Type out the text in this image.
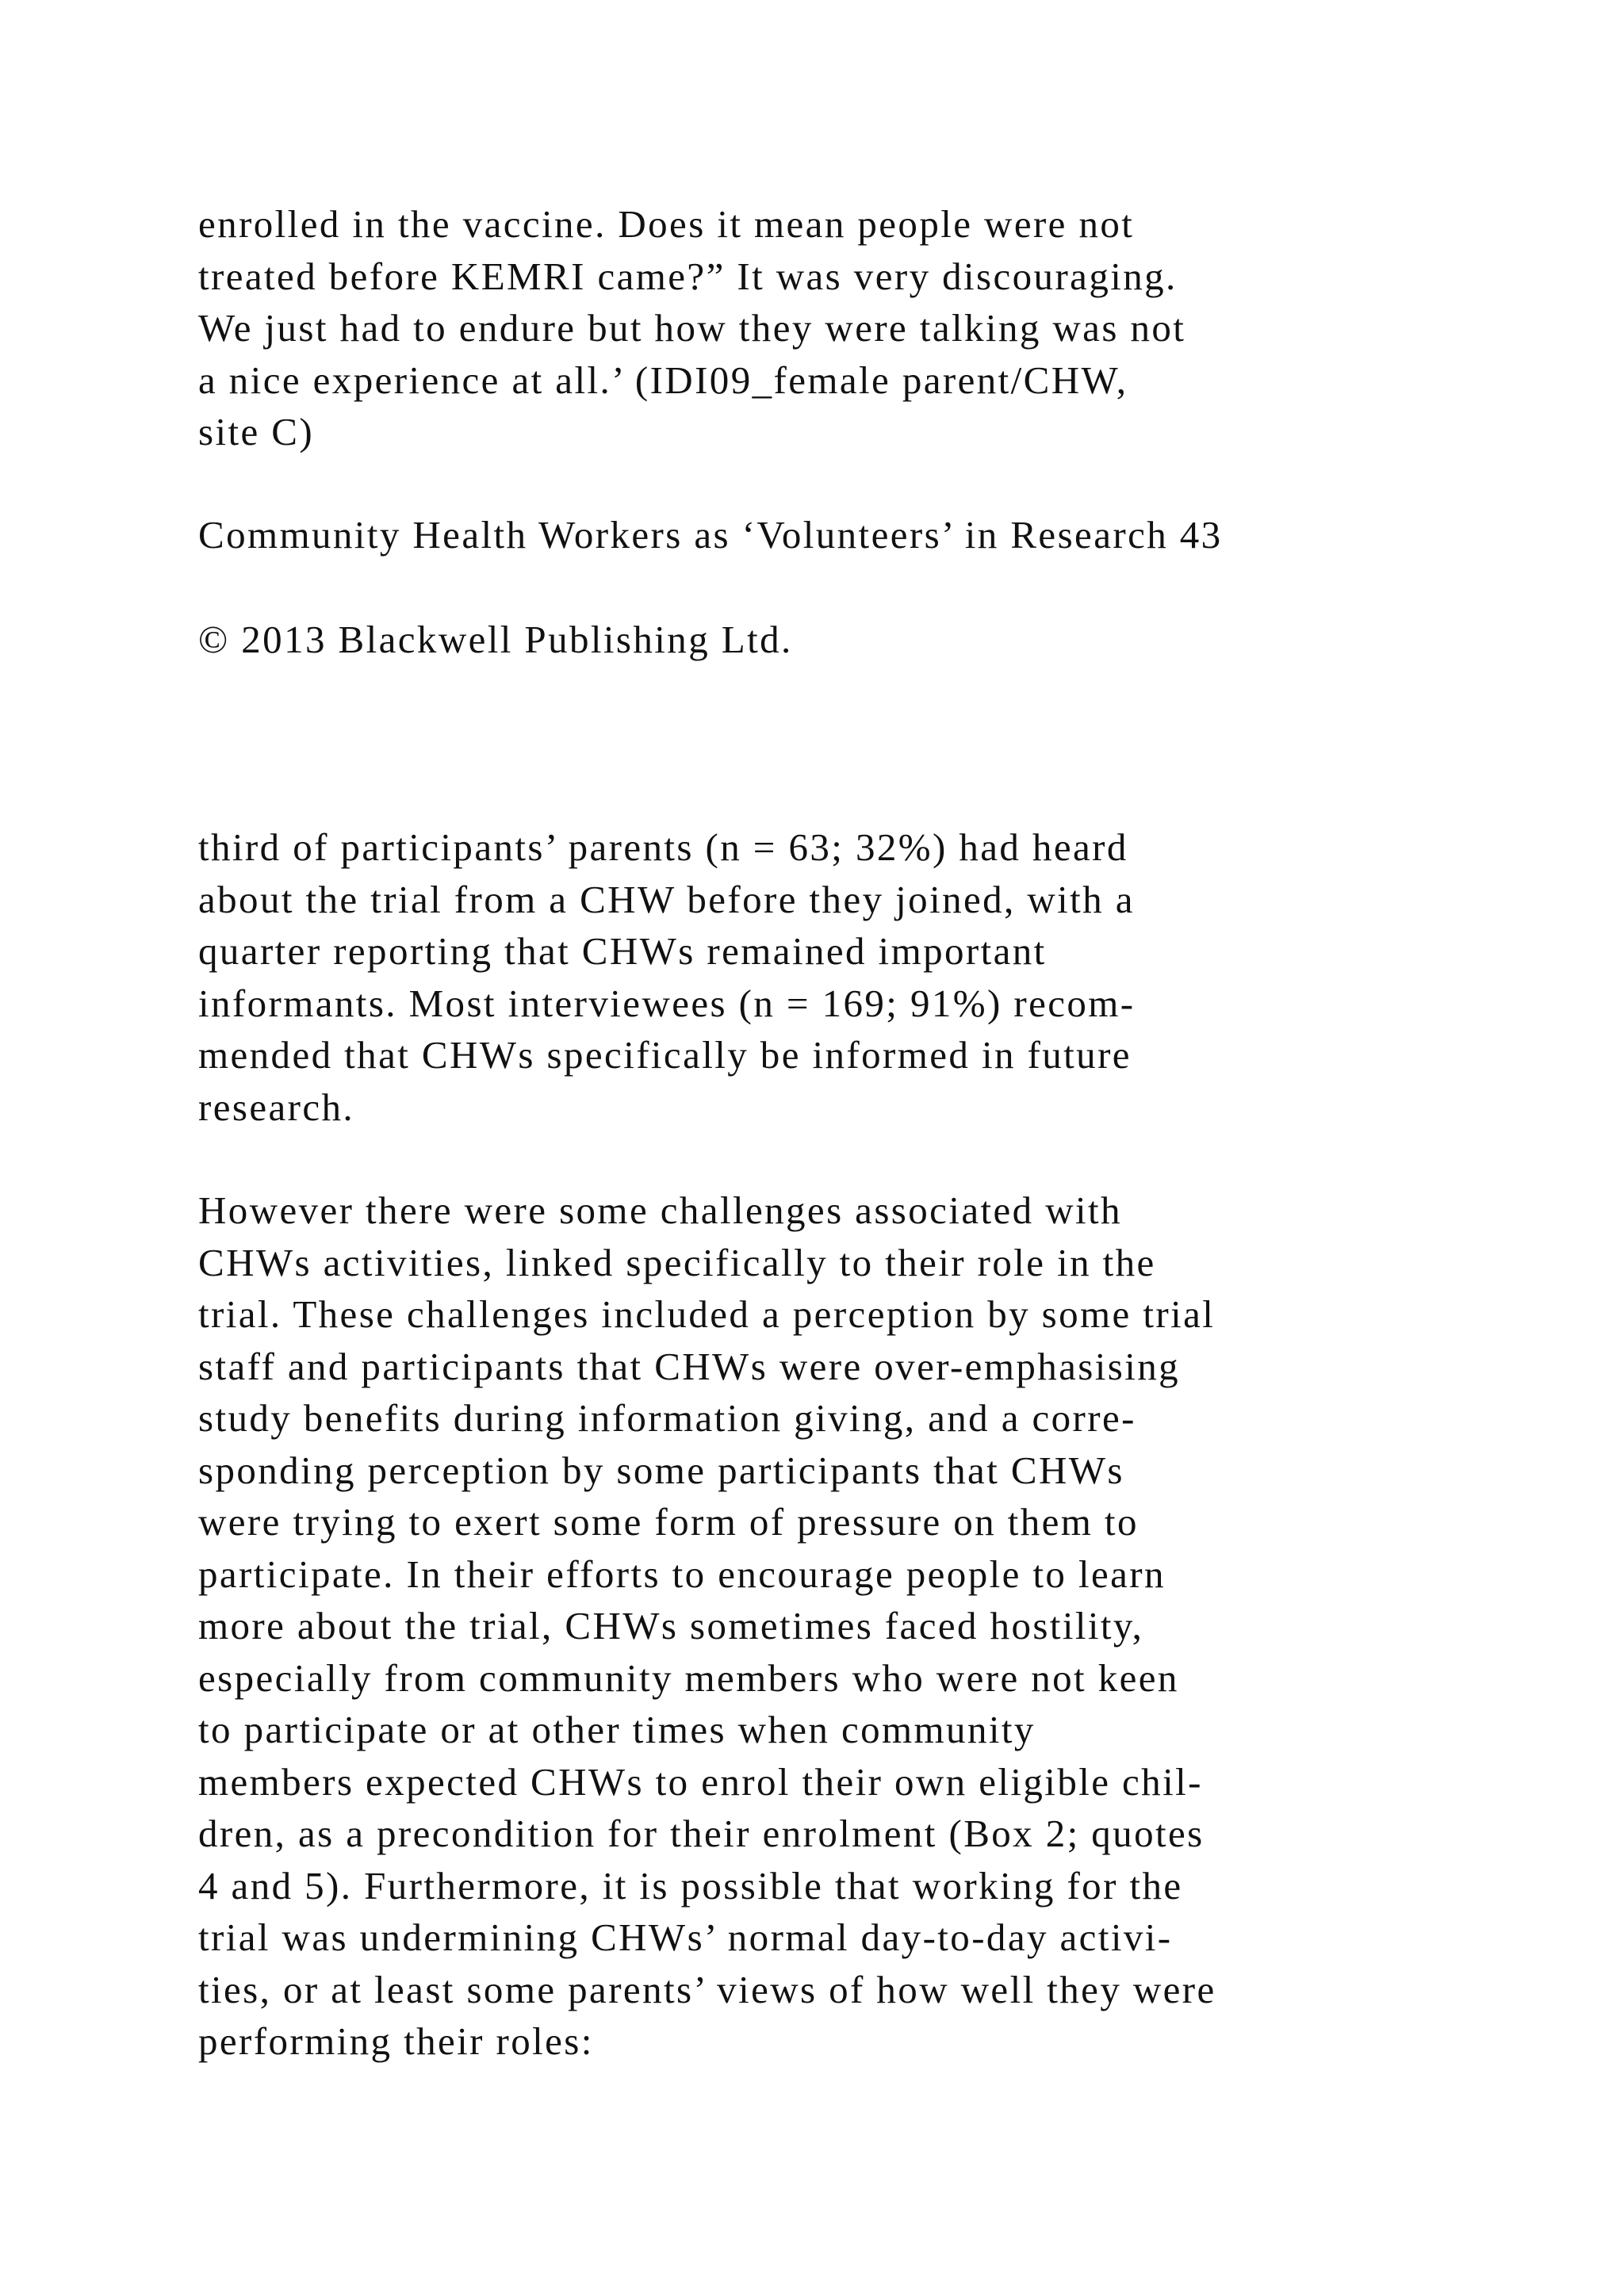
enrolled in the vaccine. Does it mean people were not
treated before KEMRI came?” It was very discouraging.
We just had to endure but how they were talking was not
a nice experience at all.’ (IDI09_female parent/CHW,
site C)
Community Health Workers as ‘Volunteers’ in Research 43
© 2013 Blackwell Publishing Ltd.
third of participants’ parents (n = 63; 32%) had heard
about the trial from a CHW before they joined, with a
quarter reporting that CHWs remained important
informants. Most interviewees (n = 169; 91%) recom-
mended that CHWs specifically be informed in future
research.
However there were some challenges associated with
CHWs activities, linked specifically to their role in the
trial. These challenges included a perception by some trial
staff and participants that CHWs were over-emphasising
study benefits during information giving, and a corre-
sponding perception by some participants that CHWs
were trying to exert some form of pressure on them to
participate. In their efforts to encourage people to learn
more about the trial, CHWs sometimes faced hostility,
especially from community members who were not keen
to participate or at other times when community
members expected CHWs to enrol their own eligible chil-
dren, as a precondition for their enrolment (Box 2; quotes
4 and 5). Furthermore, it is possible that working for the
trial was undermining CHWs’ normal day-to-day activi-
ties, or at least some parents’ views of how well they were
performing their roles:
